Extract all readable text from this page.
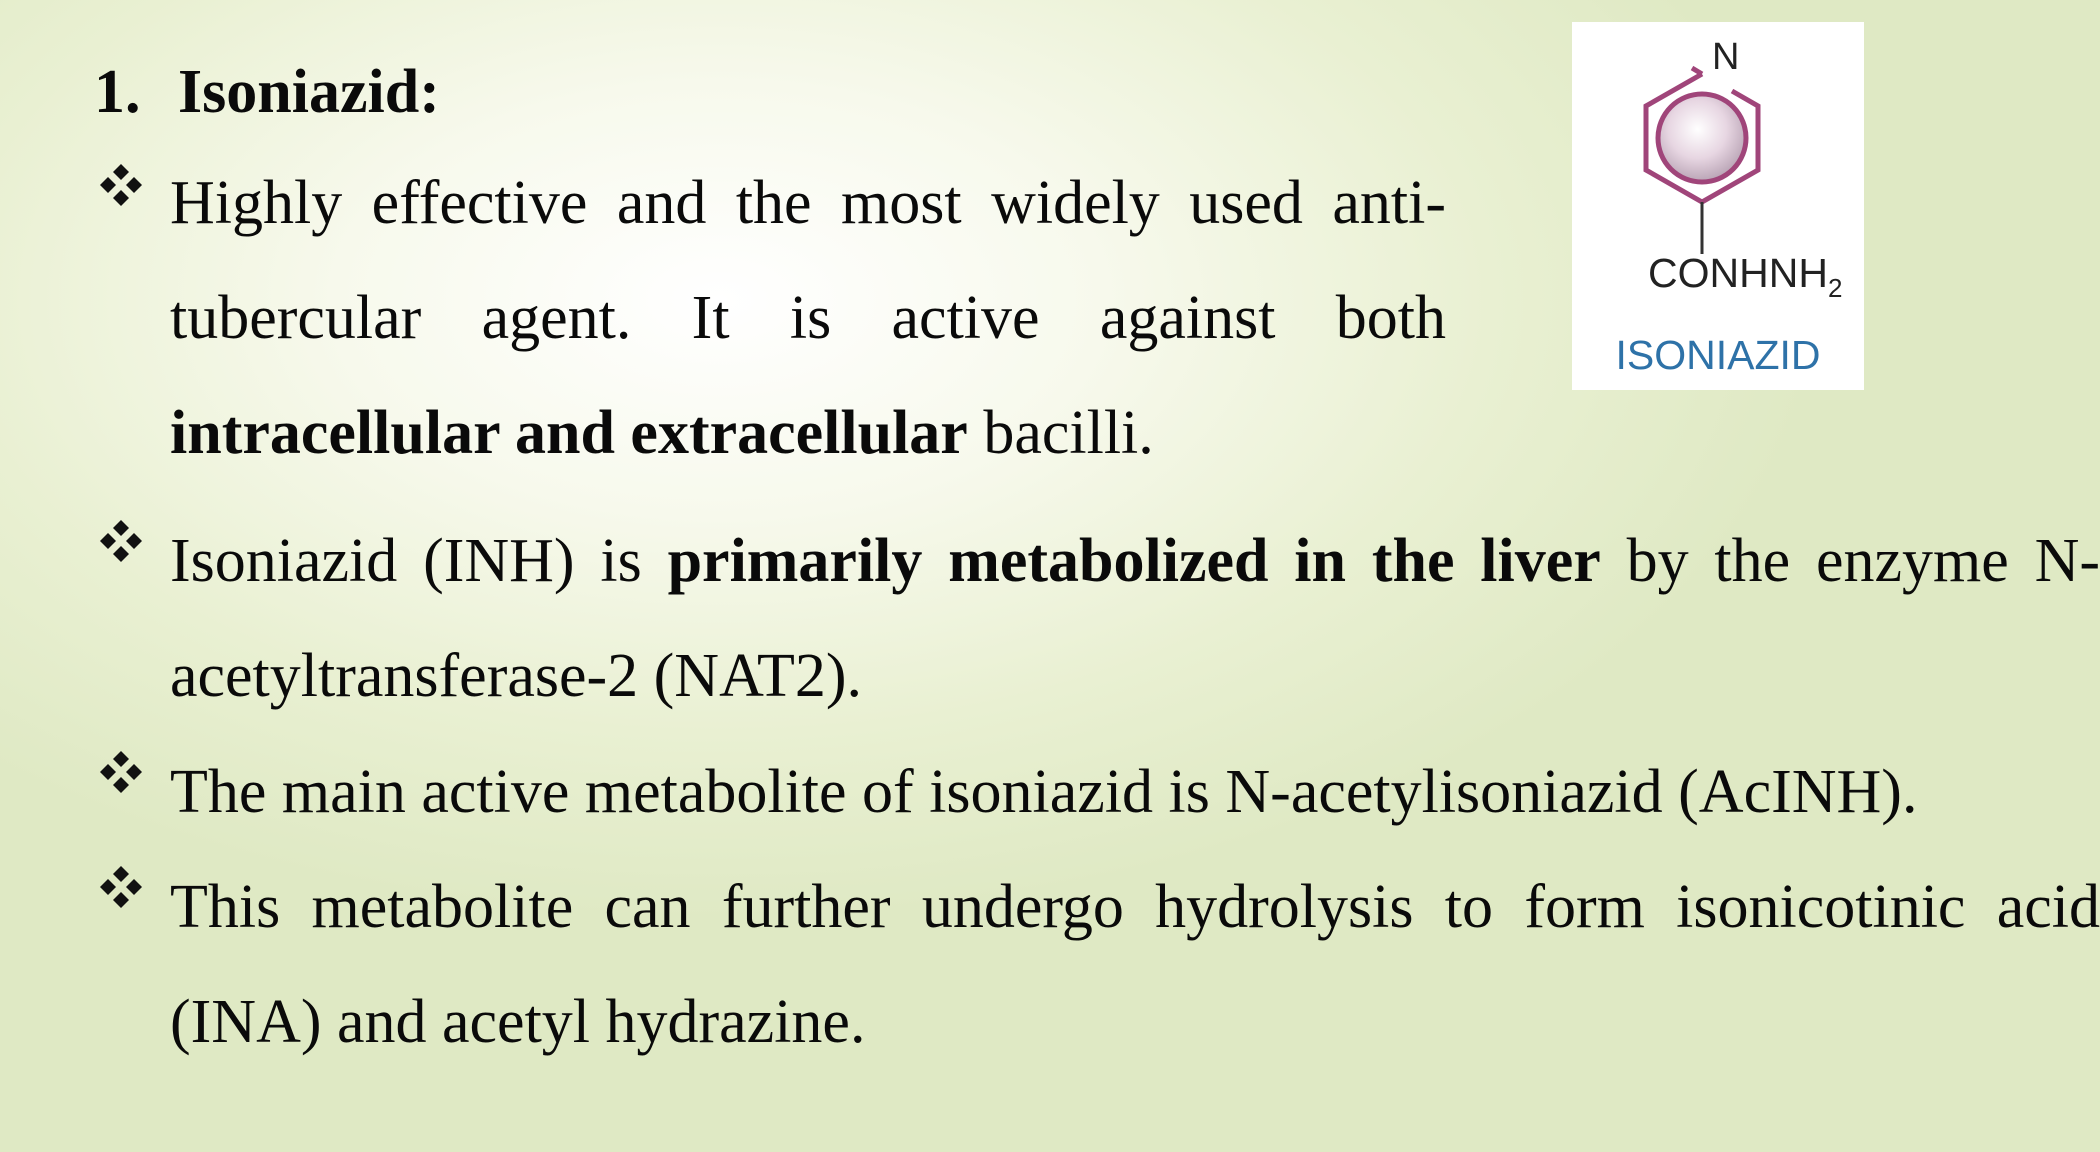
1. Isoniazid:

Highly effective and the most widely used anti-tubercular agent. It is active against both intracellular and extracellular bacilli.

Isoniazid (INH) is primarily metabolized in the liver by the enzyme N-acetyltransferase-2 (NAT2).

The main active metabolite of isoniazid is N-acetylisoniazid (AcINH).

This metabolite can further undergo hydrolysis to form isonicotinic acid (INA) and acetyl hydrazine.

N

$CONHNH_2$

ISONIAZID
